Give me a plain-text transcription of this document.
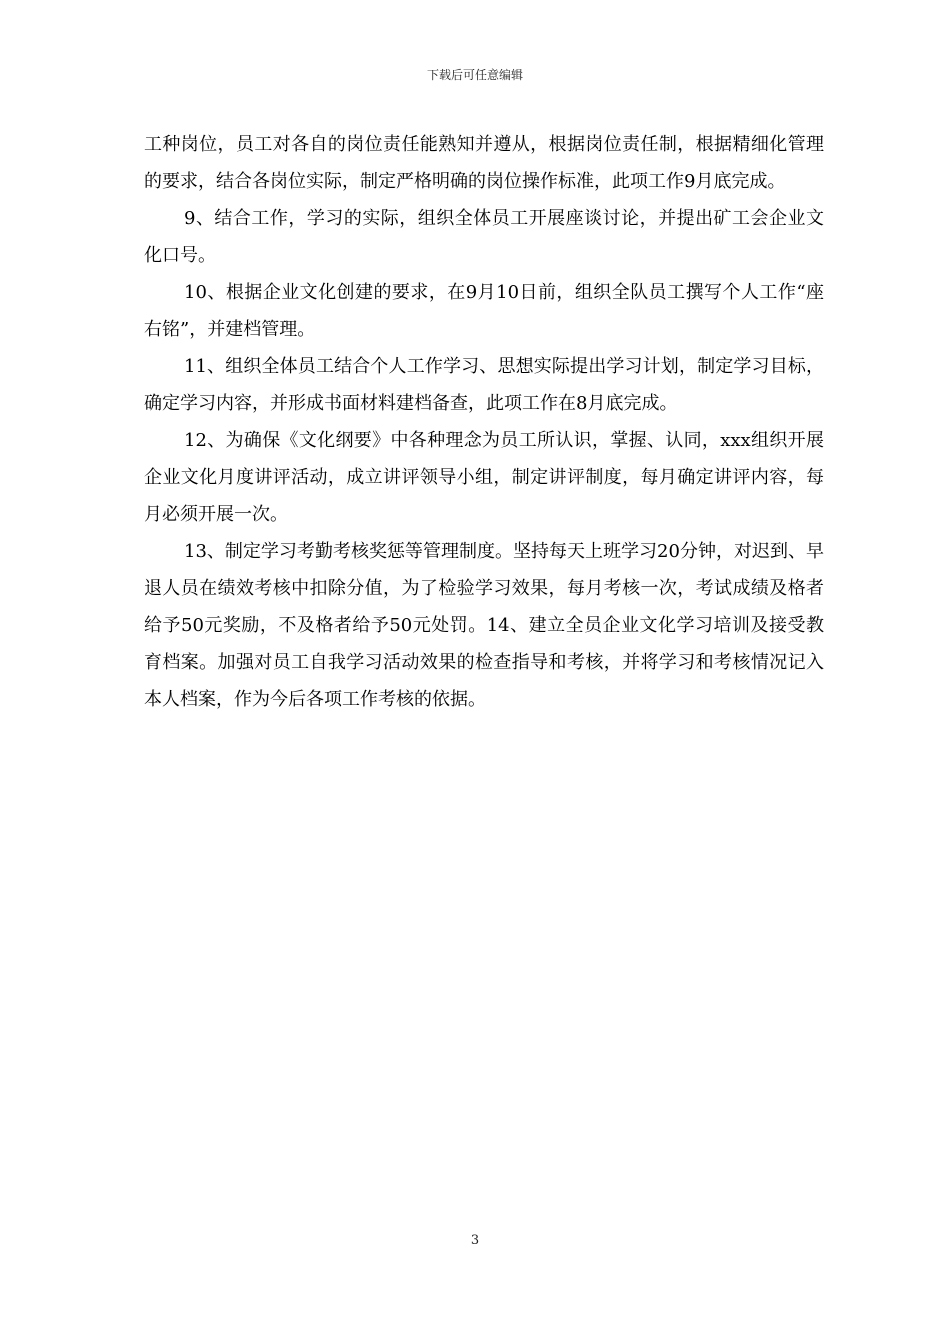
下载后可任意编辑

工种岗位，员工对各自的岗位责任能熟知并遵从，根据岗位责任制，根据精细化管理的要求，结合各岗位实际，制定严格明确的岗位操作标准，此项工作9月底完成。

9、结合工作，学习的实际，组织全体员工开展座谈讨论，并提出矿工会企业文化口号。

10、根据企业文化创建的要求，在9月10日前，组织全队员工撰写个人工作“座右铭”，并建档管理。

11、组织全体员工结合个人工作学习、思想实际提出学习计划，制定学习目标，确定学习内容，并形成书面材料建档备查，此项工作在8月底完成。

12、为确保《文化纲要》中各种理念为员工所认识，掌握、认同，xxx组织开展企业文化月度讲评活动，成立讲评领导小组，制定讲评制度，每月确定讲评内容，每月必须开展一次。

13、制定学习考勤考核奖惩等管理制度。坚持每天上班学习20分钟，对迟到、早退人员在绩效考核中扣除分值，为了检验学习效果，每月考核一次，考试成绩及格者给予50元奖励，不及格者给予50元处罚。14、建立全员企业文化学习培训及接受教育档案。加强对员工自我学习活动效果的检查指导和考核，并将学习和考核情况记入本人档案，作为今后各项工作考核的依据。

3
